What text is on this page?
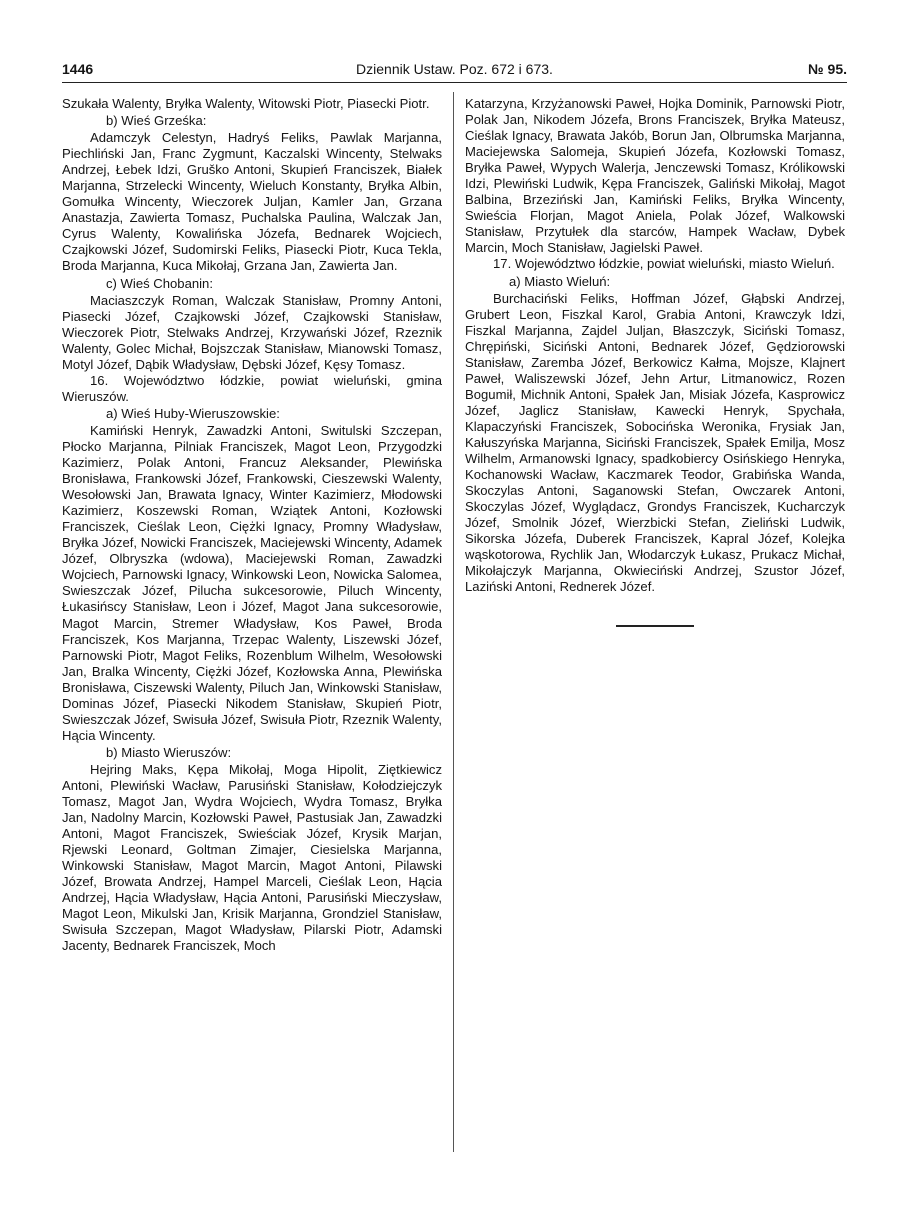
1446	Dziennik Ustaw. Poz. 672 i 673.	№ 95.

Szukała Walenty, Bryłka Walenty, Witowski Piotr, Piasecki Piotr.

b) Wieś Grześka:

Adamczyk Celestyn, Hadryś Feliks, Pawlak Marjanna, Piechliński Jan, Franc Zygmunt, Kaczalski Wincenty, Stelwaks Andrzej, Łebek Idzi, Gruško Antoni, Skupień Franciszek, Białek Marjanna, Strzelecki Wincenty, Wieluch Konstanty, Bryłka Albin, Gomułka Wincenty, Wieczorek Juljan, Kamler Jan, Grzana Anastazja, Zawierta Tomasz, Puchalska Paulina, Walczak Jan, Cyrus Walenty, Kowalińska Józefa, Bednarek Wojciech, Czajkowski Józef, Sudomirski Feliks, Piasecki Piotr, Kuca Tekla, Broda Marjanna, Kuca Mikołaj, Grzana Jan, Zawierta Jan.

c) Wieś Chobanin:

Maciaszczyk Roman, Walczak Stanisław, Promny Antoni, Piasecki Józef, Czajkowski Józef, Czajkowski Stanisław, Wieczorek Piotr, Stelwaks Andrzej, Krzywański Józef, Rzeznik Walenty, Golec Michał, Bojszczak Stanisław, Mianowski Tomasz, Motyl Józef, Dąbik Władysław, Dębski Józef, Kęsy Tomasz.

16. Województwo łódzkie, powiat wieluński, gmina Wieruszów.

a) Wieś Huby-Wieruszowskie:

Kamiński Henryk, Zawadzki Antoni, Switulski Szczepan, Płocko Marjanna, Pilniak Franciszek, Magot Leon, Przygodzki Kazimierz, Polak Antoni, Francuz Aleksander, Plewińska Bronisława, Frankowski Józef, Frankowski, Cieszewski Walenty, Wesołowski Jan, Brawata Ignacy, Winter Kazimierz, Młodowski Kazimierz, Koszewski Roman, Wziątek Antoni, Kozłowski Franciszek, Cieślak Leon, Ciężki Ignacy, Promny Władysław, Bryłka Józef, Nowicki Franciszek, Maciejewski Wincenty, Adamek Józef, Olbryszka (wdowa), Maciejewski Roman, Zawadzki Wojciech, Parnowski Ignacy, Winkowski Leon, Nowicka Salomea, Swieszczak Józef, Pilucha sukcesorowie, Piluch Wincenty, Łukasińscy Stanisław, Leon i Józef, Magot Jana sukcesorowie, Magot Marcin, Stremer Władysław, Kos Paweł, Broda Franciszek, Kos Marjanna, Trzepac Walenty, Liszewski Józef, Parnowski Piotr, Magot Feliks, Rozenblum Wilhelm, Wesołowski Jan, Bralka Wincenty, Ciężki Józef, Kozłowska Anna, Plewińska Bronisława, Ciszewski Walenty, Piluch Jan, Winkowski Stanisław, Dominas Józef, Piasecki Nikodem Stanisław, Skupień Piotr, Swieszczak Józef, Swisuła Józef, Swisuła Piotr, Rzeznik Walenty, Hącia Wincenty.

b) Miasto Wieruszów:

Hejring Maks, Kępa Mikołaj, Moga Hipolit, Ziętkiewicz Antoni, Plewiński Wacław, Parusiński Stanisław, Kołodziejczyk Tomasz, Magot Jan, Wydra Wojciech, Wydra Tomasz, Bryłka Jan, Nadolny Marcin, Kozłowski Paweł, Pastusiak Jan, Zawadzki Antoni, Magot Franciszek, Swieściak Józef, Krysik Marjan, Rjewski Leonard, Goltman Zimajer, Ciesielska Marjanna, Winkowski Stanisław, Magot Marcin, Magot Antoni, Pilawski Józef, Browata Andrzej, Hampel Marceli, Cieślak Leon, Hącia Andrzej, Hącia Władysław, Hącia Antoni, Parusiński Mieczysław, Magot Leon, Mikulski Jan, Krisik Marjanna, Grondziel Stanisław, Swisuła Szczepan, Magot Władysław, Pilarski Piotr, Adamski Jacenty, Bednarek Franciszek, Moch

Katarzyna, Krzyżanowski Paweł, Hojka Dominik, Parnowski Piotr, Polak Jan, Nikodem Józefa, Brons Franciszek, Bryłka Mateusz, Cieślak Ignacy, Brawata Jakób, Borun Jan, Olbrumska Marjanna, Maciejewska Salomeja, Skupień Józefa, Kozłowski Tomasz, Bryłka Paweł, Wypych Walerja, Jenczewski Tomasz, Królikowski Idzi, Plewiński Ludwik, Kępa Franciszek, Galiński Mikołaj, Magot Balbina, Brzeziński Jan, Kamiński Feliks, Bryłka Wincenty, Swieścia Florjan, Magot Aniela, Polak Józef, Walkowski Stanisław, Przytułek dla starców, Hampek Wacław, Dybek Marcin, Moch Stanisław, Jagielski Paweł.

17. Województwo łódzkie, powiat wieluński, miasto Wieluń.

a) Miasto Wieluń:

Burchaciński Feliks, Hoffman Józef, Głąbski Andrzej, Grubert Leon, Fiszkal Karol, Grabia Antoni, Krawczyk Idzi, Fiszkal Marjanna, Zajdel Juljan, Błaszczyk, Siciński Tomasz, Chrępiński, Siciński Antoni, Bednarek Józef, Gędziorowski Stanisław, Zaremba Józef, Berkowicz Kałma, Mojsze, Klajnert Paweł, Waliszewski Józef, Jehn Artur, Litmanowicz, Rozen Bogumił, Michnik Antoni, Spałek Jan, Misiak Józefa, Kasprowicz Józef, Jaglicz Stanisław, Kawecki Henryk, Spychała, Klapaczyński Franciszek, Sobocińska Weronika, Frysiak Jan, Kałuszyńska Marjanna, Siciński Franciszek, Spałek Emilja, Mosz Wilhelm, Armanowski Ignacy, spadkobiercy Osińskiego Henryka, Kochanowski Wacław, Kaczmarek Teodor, Grabińska Wanda, Skoczylas Antoni, Saganowski Stefan, Owczarek Antoni, Skoczylas Józef, Wyglądacz, Grondys Franciszek, Kucharczyk Józef, Smolnik Józef, Wierzbicki Stefan, Zieliński Ludwik, Sikorska Józefa, Duberek Franciszek, Kapral Józef, Kolejka wąskotorowa, Rychlik Jan, Włodarczyk Łukasz, Prukacz Michał, Mikołajczyk Marjanna, Okwieciński Andrzej, Szustor Józef, Laziński Antoni, Rednerek Józef.
